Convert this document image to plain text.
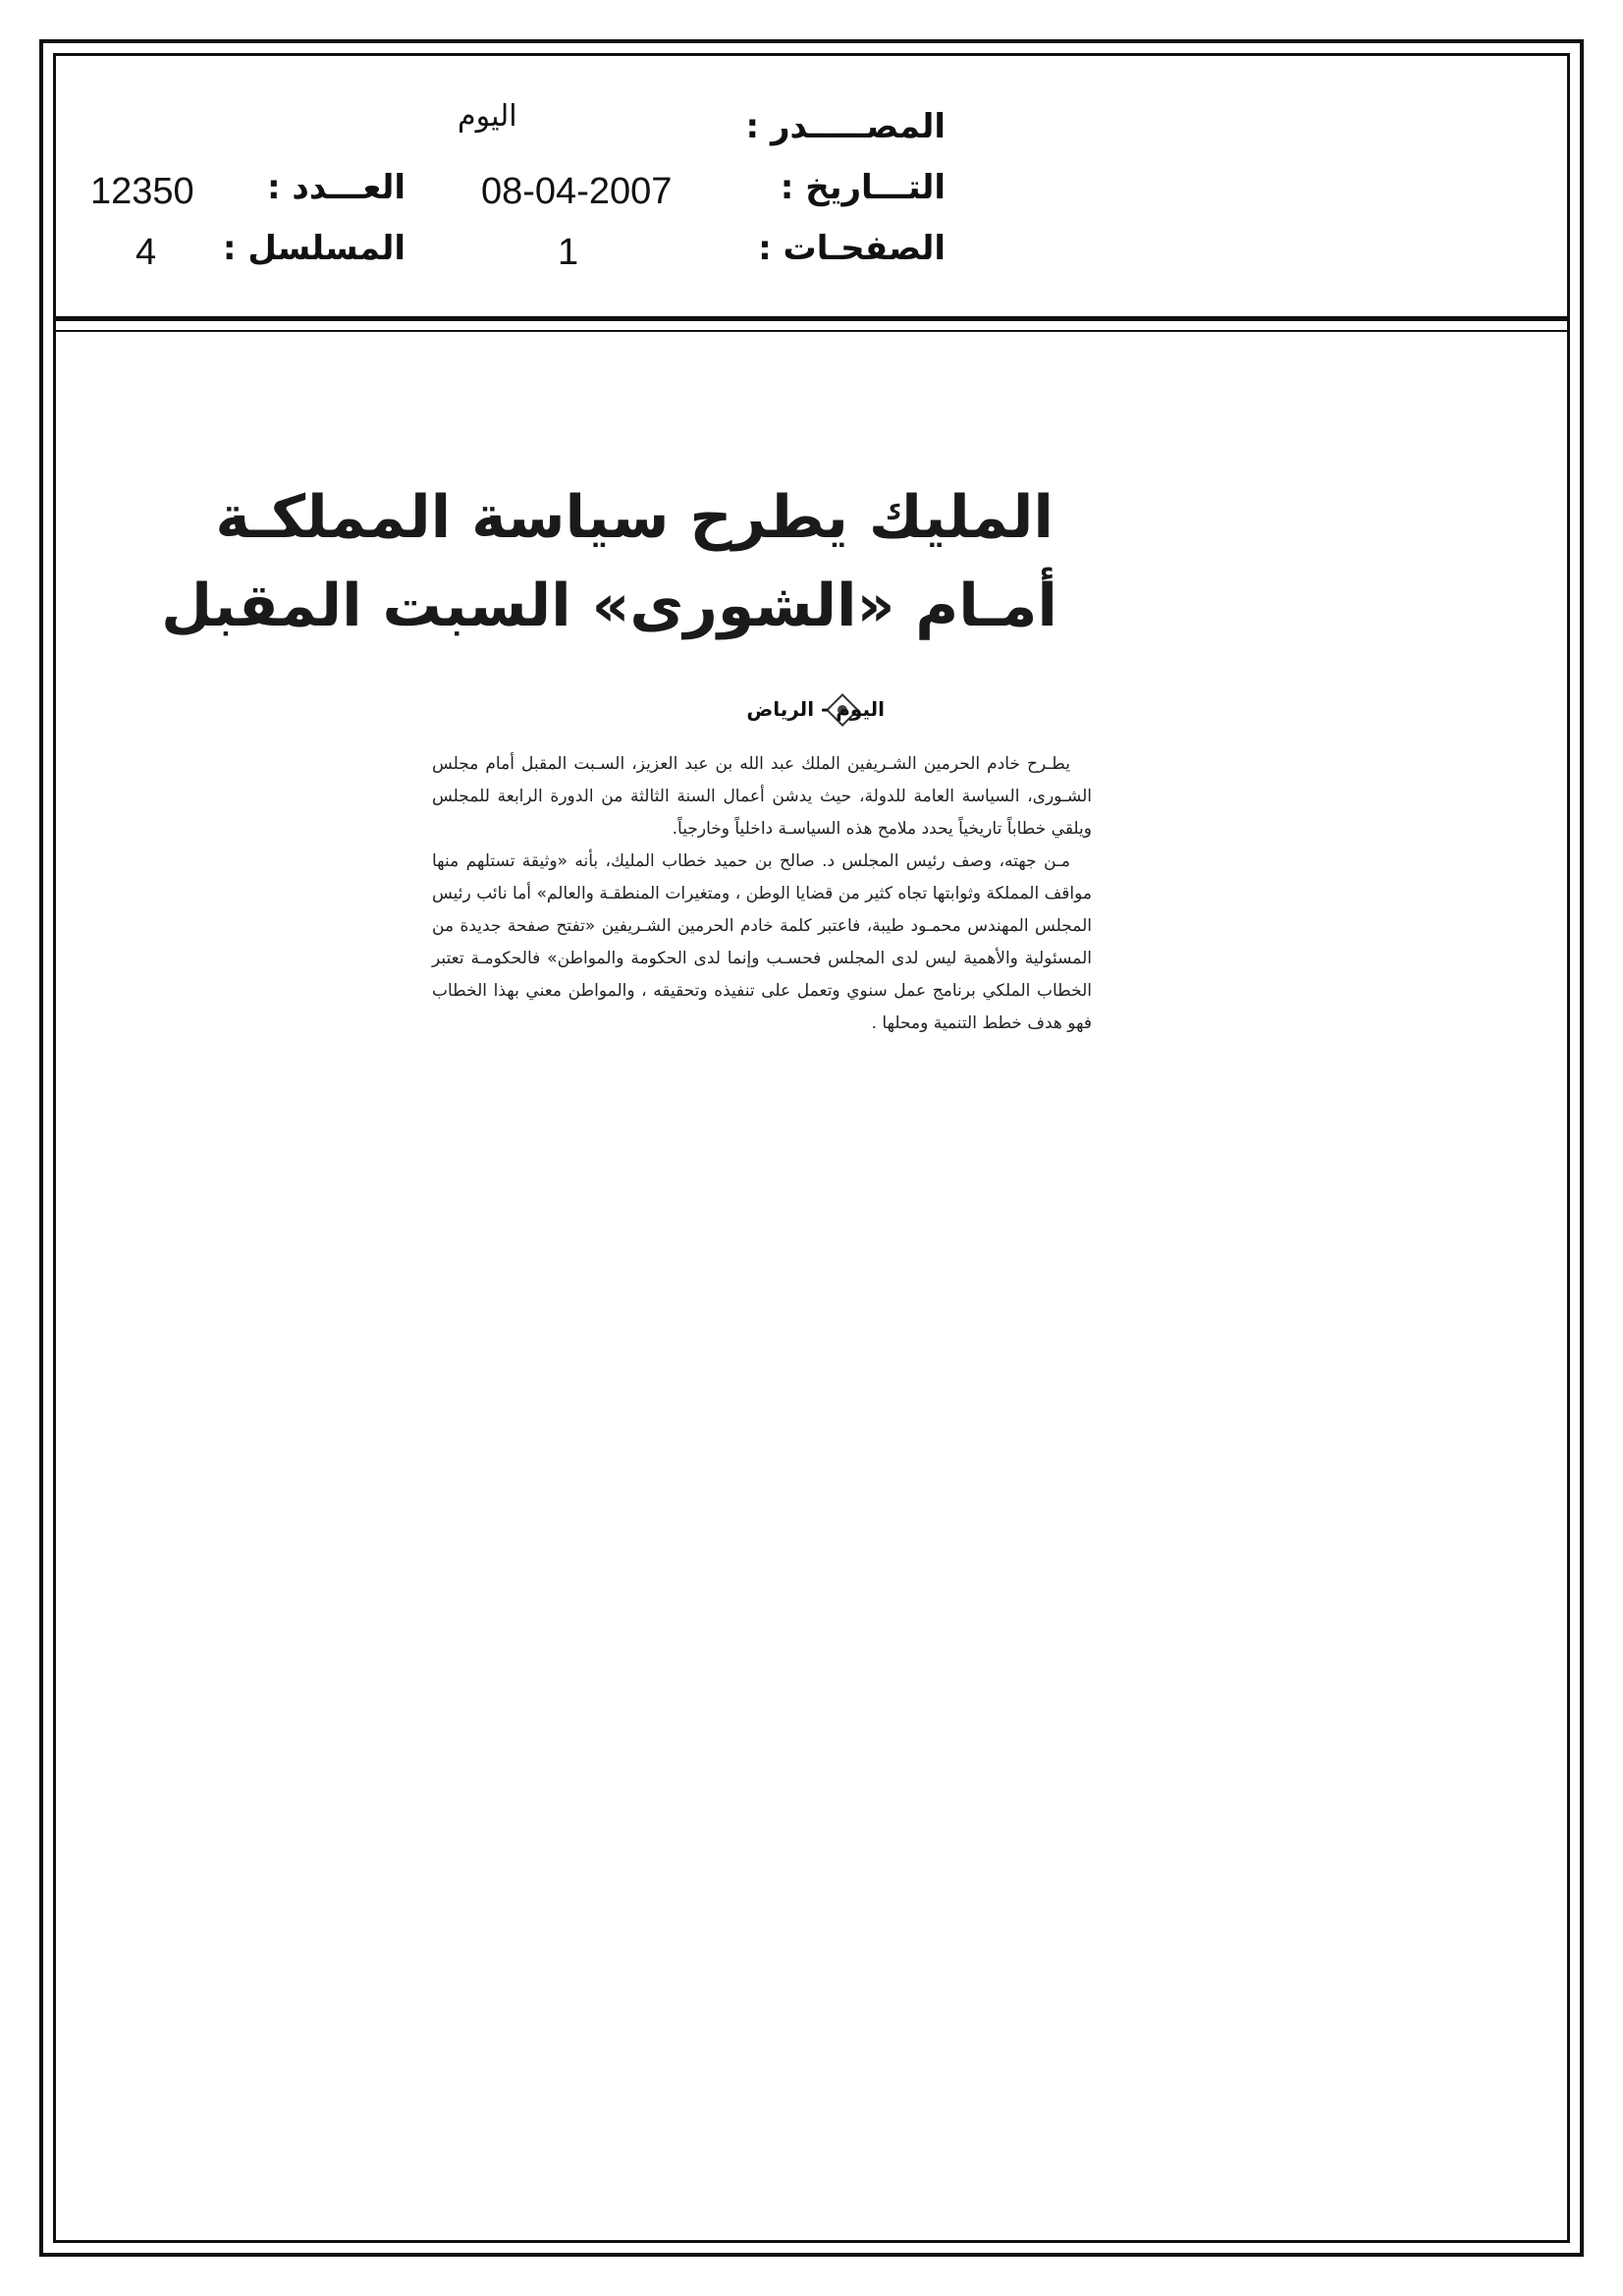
المصـــــدر :
التـــاريخ :
الصفحـات :
اليوم
08-04-2007
1
العـــدد :
المسلسل :
12350
4
المليك يطرح سياسة المملكـة
أمـام «الشورى» السبت المقبل
اليوم - الرياض

يطـرح خادم الحرمين الشـريفين الملك عبد الله بن عبد العزيز، السـبت المقبل أمام مجلس الشـورى، السياسة العامة للدولة، حيث يدشن أعمال السنة الثالثة من الدورة الرابعة للمجلس ويلقي خطاباً تاريخياً يحدد ملامح هذه السياسـة داخلياً وخارجياً.

مـن جهته، وصف رئيس المجلس د. صالح بن حميد خطاب المليك، بأنه «وثيقة تستلهم منها مواقف المملكة وثوابتها تجاه كثير من قضايا الوطن ، ومتغيرات المنطقـة والعالم» أما نائب رئيس المجلس المهندس محمـود طيبة، فاعتبر كلمة خادم الحرمين الشـريفين «تفتح صفحة جديدة من المسئولية والأهمية ليس لدى المجلس فحسـب وإنما لدى الحكومة والمواطن» فالحكومـة تعتبر الخطاب الملكي برنامج عمل سنوي وتعمل على تنفيذه وتحقيقه ، والمواطن معني بهذا الخطاب فهو هدف خطط التنمية ومحلها .
